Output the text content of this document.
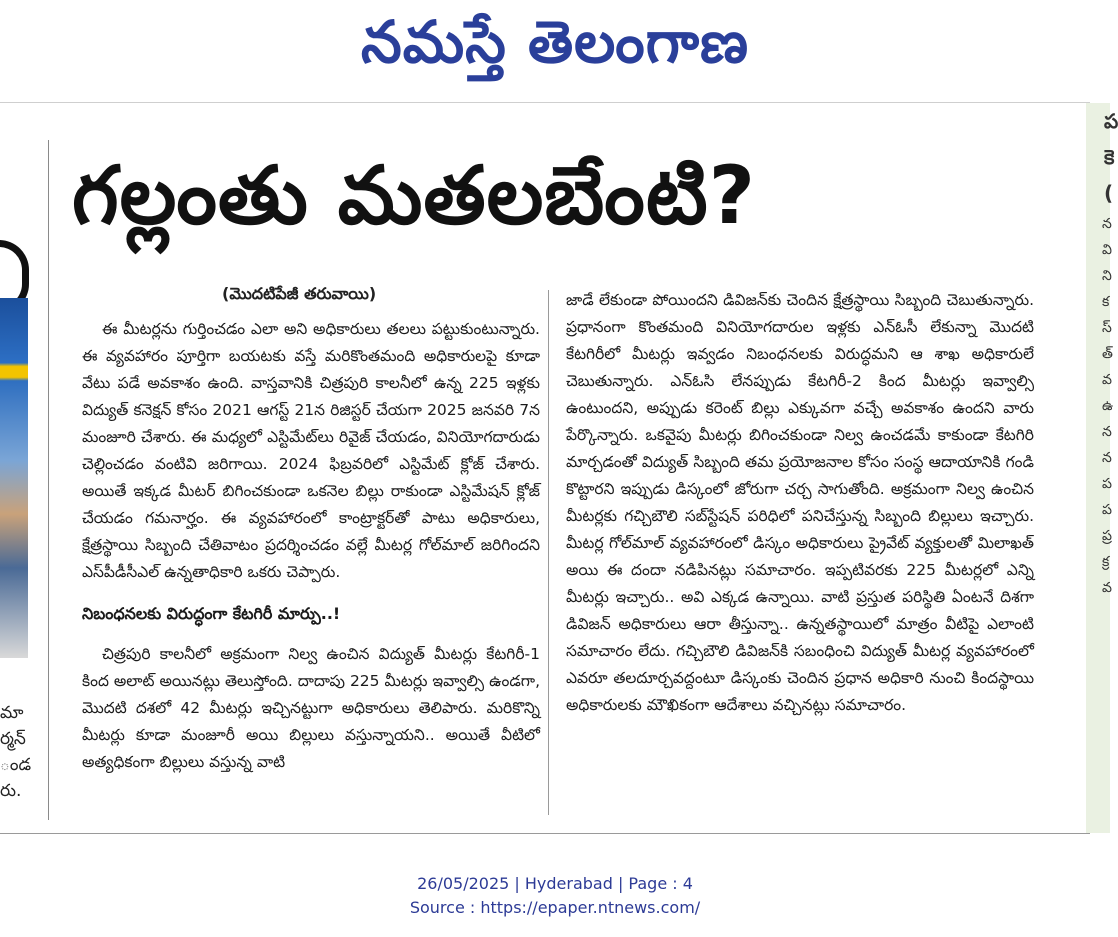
నమస్తే తెలంగాణ
మా
ర్మన్
ండ
రు.
గల్లంతు మతలబేంటి?
(మొదటిపేజీ తరువాయి)

ఈ మీటర్లను గుర్తించడం ఎలా అని అధికారులు తలలు పట్టుకుంటున్నారు. ఈ వ్యవహారం పూర్తిగా బయటకు వస్తే మరికొంతమంది అధికారులపై కూడా వేటు పడే అవకాశం ఉంది. వాస్తవానికి చిత్రపురి కాలనీలో ఉన్న 225 ఇళ్లకు విద్యుత్ కనెక్షన్ కోసం 2021 ఆగస్ట్ 21న రిజిస్టర్ చేయగా 2025 జనవరి 7న మంజూరి చేశారు. ఈ మధ్యలో ఎస్టిమేట్‌లు రివైజ్ చేయడం, వినియోగదారుడు చెల్లించడం వంటివి జరిగాయి. 2024 ఫిబ్రవరిలో ఎస్టిమేట్ క్లోజ్ చేశారు. అయితే ఇక్కడ మీటర్ బిగించకుండా ఒకనెల బిల్లు రాకుండా ఎస్టిమేషన్ క్లోజ్ చేయడం గమనార్హం. ఈ వ్యవహారంలో కాంట్రాక్టర్‌తో పాటు అధికారులు, క్షేత్రస్థాయి సిబ్బంది చేతివాటం ప్రదర్శించడం వల్లే మీటర్ల గోల్‌మాల్ జరిగిందని ఎస్‌పీడీసీఎల్ ఉన్నతాధికారి ఒకరు చెప్పారు.

నిబంధనలకు విరుద్ధంగా కేటగిరీ మార్పు..!

చిత్రపురి కాలనీలో అక్రమంగా నిల్వ ఉంచిన విద్యుత్ మీటర్లు కేటగిరీ-1 కింద అలాట్ అయినట్లు తెలుస్తోంది. దాదాపు 225 మీటర్లు ఇవ్వాల్సి ఉండగా, మొదటి దశలో 42 మీటర్లు ఇచ్చినట్టుగా అధికారులు తెలిపారు. మరికొన్ని మీటర్లు కూడా మంజూరీ అయి బిల్లులు వస్తున్నాయని.. అయితే వీటిలో అత్యధికంగా బిల్లులు వస్తున్న వాటి

జాడే లేకుండా పోయిందని డివిజన్‌కు చెందిన క్షేత్రస్థాయి సిబ్బంది చెబుతున్నారు. ప్రధానంగా కొంతమంది వినియోగదారుల ఇళ్లకు ఎన్ఓసీ లేకున్నా మొదటి కేటగిరీలో మీటర్లు ఇవ్వడం నిబంధనలకు విరుద్ధమని ఆ శాఖ అధికారులే చెబుతున్నారు. ఎన్ఓసి లేనప్పుడు కేటగిరీ-2 కింద మీటర్లు ఇవ్వాల్సి ఉంటుందని, అప్పుడు కరెంట్ బిల్లు ఎక్కువగా వచ్చే అవకాశం ఉందని వారు పేర్కొన్నారు. ఒకవైపు మీటర్లు బిగించకుండా నిల్వ ఉంచడమే కాకుండా కేటగిరి మార్చడంతో విద్యుత్ సిబ్బంది తమ ప్రయోజనాల కోసం సంస్థ ఆదాయానికి గండి కొట్టారని ఇప్పుడు డిస్కంలో జోరుగా చర్చ సాగుతోంది. అక్రమంగా నిల్వ ఉంచిన మీటర్లకు గచ్చిబౌలి సబ్‌స్టేషన్ పరిధిలో పనిచేస్తున్న సిబ్బంది బిల్లులు ఇచ్చారు. మీటర్ల గోల్‌మాల్ వ్యవహారంలో డిస్కం అధికారులు ప్రైవేట్ వ్యక్తులతో మిలాఖత్ అయి ఈ దందా నడిపినట్లు సమాచారం. ఇప్పటివరకు 225 మీటర్లలో ఎన్ని మీటర్లు ఇచ్చారు.. అవి ఎక్కడ ఉన్నాయి. వాటి ప్రస్తుత పరిస్థితి ఏంటనే దిశగా డివిజన్ అధికారులు ఆరా తీస్తున్నా.. ఉన్నతస్థాయిలో మాత్రం వీటిపై ఎలాంటి సమాచారం లేదు. గచ్చిబౌలి డివిజన్‌కి సబంధించి విద్యుత్ మీటర్ల వ్యవహారంలో ఎవరూ తలదూర్చవద్దంటూ డిస్కంకు చెందిన ప్రధాన అధికారి నుంచి కిందస్థాయి అధికారులకు మౌఖికంగా ఆదేశాలు వచ్చినట్లు సమాచారం.

ప
కె
(
న
వి
ని
క
స్
త్
వ
ఉ
న
న
ప
ప
ప్ర
క్ర
వ
26/05/2025 | Hyderabad | Page : 4
Source : https://epaper.ntnews.com/
